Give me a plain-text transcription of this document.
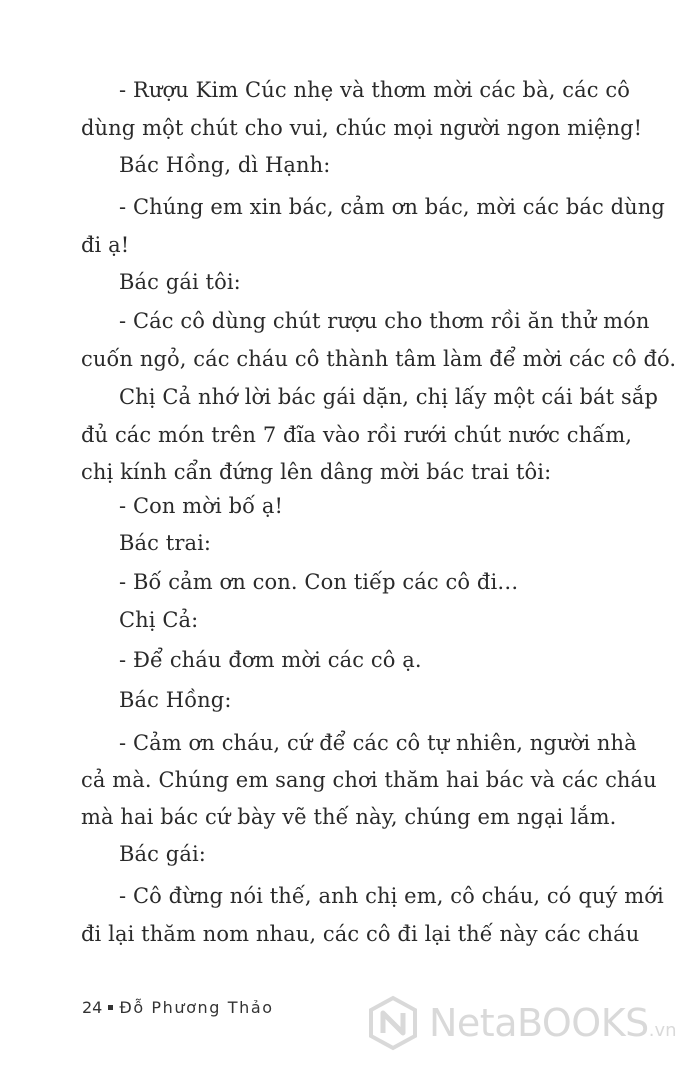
- Rượu Kim Cúc nhẹ và thơm mời các bà, các cô
dùng một chút cho vui, chúc mọi người ngon miệng!
Bác Hồng, dì Hạnh:
- Chúng em xin bác, cảm ơn bác, mời các bác dùng
đi ạ!
Bác gái tôi:
- Các cô dùng chút rượu cho thơm rồi ăn thử món
cuốn ngỏ, các cháu cô thành tâm làm để mời các cô đó.
Chị Cả nhớ lời bác gái dặn, chị lấy một cái bát sắp
đủ các món trên 7 đĩa vào rồi rưới chút nước chấm,
chị kính cẩn đứng lên dâng mời bác trai tôi:
- Con mời bố ạ!
Bác trai:
- Bố cảm ơn con. Con tiếp các cô đi…
Chị Cả:
- Để cháu đơm mời các cô ạ.
Bác Hồng:
- Cảm ơn cháu, cứ để các cô tự nhiên, người nhà
cả mà. Chúng em sang chơi thăm hai bác và các cháu
mà hai bác cứ bày vẽ thế này, chúng em ngại lắm.
Bác gái:
- Cô đừng nói thế, anh chị em, cô cháu, có quý mới
đi lại thăm nom nhau, các cô đi lại thế này các cháu
24 Đỗ Phương Thảo	NetaBOOKS.vn
